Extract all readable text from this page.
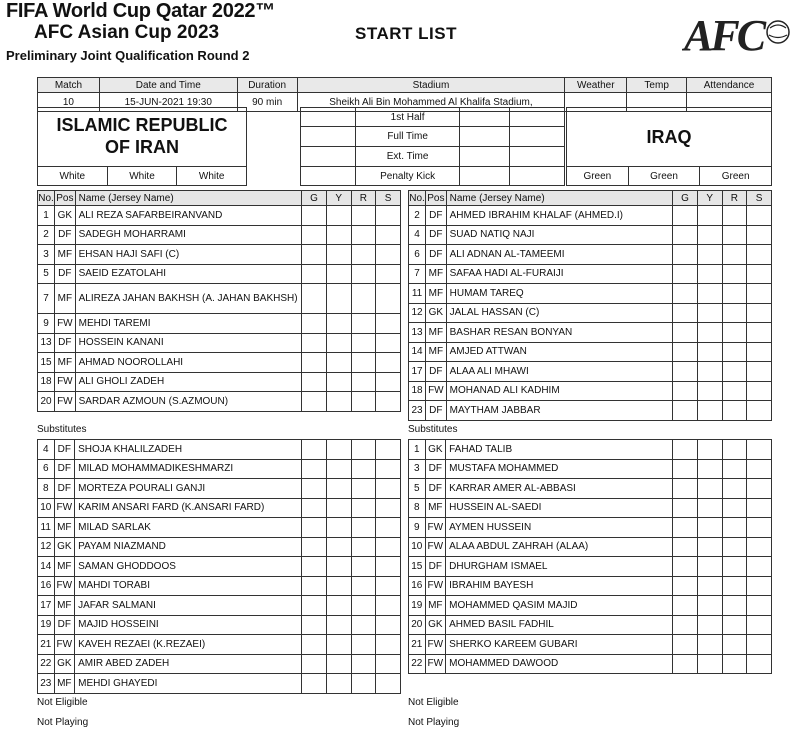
FIFA World Cup Qatar 2022™
AFC Asian Cup 2023
Preliminary Joint Qualification Round 2
START LIST	AFC
Match	Date and Time	Duration	Stadium	Weather	Temp	Attendance
10	15-JUN-2021 19:30	90 min	Sheikh Ali Bin Mohammed Al Khalifa Stadium,			
ISLAMIC REPUBLIC
OF IRAN
	1st Half		
	Full Time		
	Ext. Time		
	Penalty Kick		
IRAQ
White	White	White	Green	Green	Green
No.	Pos	Name (Jersey Name)	G	Y	R	S
1	GK	ALI REZA SAFARBEIRANVAND				
2	DF	SADEGH MOHARRAMI				
3	MF	EHSAN HAJI SAFI (C)				
5	DF	SAEID EZATOLAHI				
7	MF	ALIREZA JAHAN BAKHSH (A. JAHAN BAKHSH)				
9	FW	MEHDI TAREMI				
13	DF	HOSSEIN KANANI				
15	MF	AHMAD NOOROLLAHI				
18	FW	ALI GHOLI ZADEH				
20	FW	SARDAR AZMOUN (S.AZMOUN)				
No.	Pos	Name (Jersey Name)	G	Y	R	S
2	DF	AHMED IBRAHIM KHALAF (AHMED.I)				
4	DF	SUAD NATIQ NAJI				
6	DF	ALI ADNAN AL-TAMEEMI				
7	MF	SAFAA HADI AL-FURAIJI				
11	MF	HUMAM TAREQ				
12	GK	JALAL HASSAN (C)				
13	MF	BASHAR RESAN BONYAN				
14	MF	AMJED ATTWAN				
17	DF	ALAA ALI MHAWI				
18	FW	MOHANAD ALI KADHIM				
23	DF	MAYTHAM JABBAR				
Substitutes	Substitutes
4	DF	SHOJA KHALILZADEH				
6	DF	MILAD MOHAMMADIKESHMARZI				
8	DF	MORTEZA POURALI GANJI				
10	FW	KARIM ANSARI FARD (K.ANSARI FARD)				
11	MF	MILAD SARLAK				
12	GK	PAYAM NIAZMAND				
14	MF	SAMAN GHODDOOS				
16	FW	MAHDI TORABI				
17	MF	JAFAR SALMANI				
19	DF	MAJID HOSSEINI				
21	FW	KAVEH REZAEI (K.REZAEI)				
22	GK	AMIR ABED ZADEH				
23	MF	MEHDI GHAYEDI				
1	GK	FAHAD TALIB				
3	DF	MUSTAFA MOHAMMED				
5	DF	KARRAR AMER AL-ABBASI				
8	MF	HUSSEIN AL-SAEDI				
9	FW	AYMEN HUSSEIN				
10	FW	ALAA ABDUL ZAHRAH (ALAA)				
15	DF	DHURGHAM ISMAEL				
16	FW	IBRAHIM BAYESH				
19	MF	MOHAMMED QASIM MAJID				
20	GK	AHMED BASIL FADHIL				
21	FW	SHERKO KAREEM GUBARI				
22	FW	MOHAMMED DAWOOD				
Not Eligible
Not Playing
Not Eligible
Not Playing
